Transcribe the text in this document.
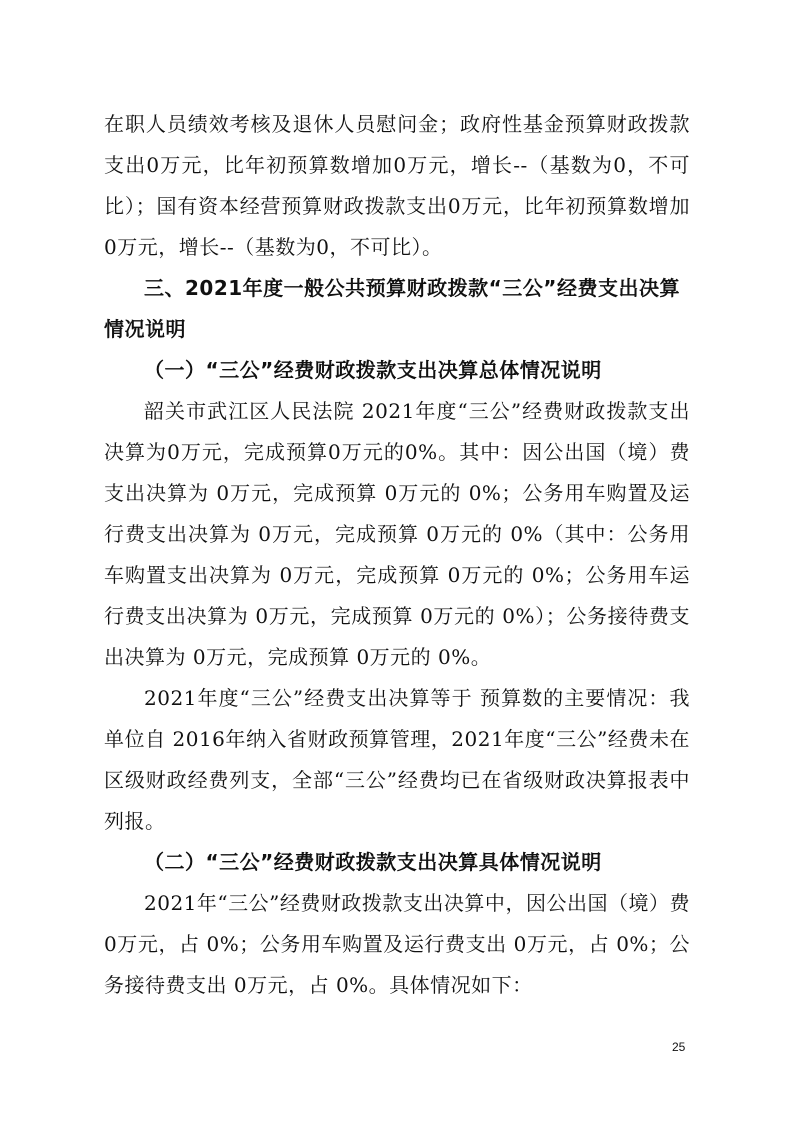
在职人员绩效考核及退休人员慰问金；政府性基金预算财政拨款支出0万元，比年初预算数增加0万元，增长--（基数为0，不可比）；国有资本经营预算财政拨款支出0万元，比年初预算数增加0万元，增长--（基数为0，不可比）。

三、2021年度一般公共预算财政拨款“三公”经费支出决算情况说明

（一）“三公”经费财政拨款支出决算总体情况说明

韶关市武江区人民法院 2021年度“三公”经费财政拨款支出决算为0万元，完成预算0万元的0%。其中：因公出国（境）费支出决算为 0万元，完成预算 0万元的 0%；公务用车购置及运行费支出决算为 0万元，完成预算 0万元的 0%（其中：公务用车购置支出决算为 0万元，完成预算 0万元的 0%；公务用车运行费支出决算为 0万元，完成预算 0万元的 0%）；公务接待费支出决算为 0万元，完成预算 0万元的 0%。

2021年度“三公”经费支出决算等于 预算数的主要情况：我单位自 2016年纳入省财政预算管理，2021年度“三公”经费未在区级财政经费列支，全部“三公”经费均已在省级财政决算报表中列报。

（二）“三公”经费财政拨款支出决算具体情况说明

2021年“三公”经费财政拨款支出决算中，因公出国（境）费 0万元，占 0%；公务用车购置及运行费支出 0万元，占 0%；公务接待费支出 0万元，占 0%。具体情况如下：

25
